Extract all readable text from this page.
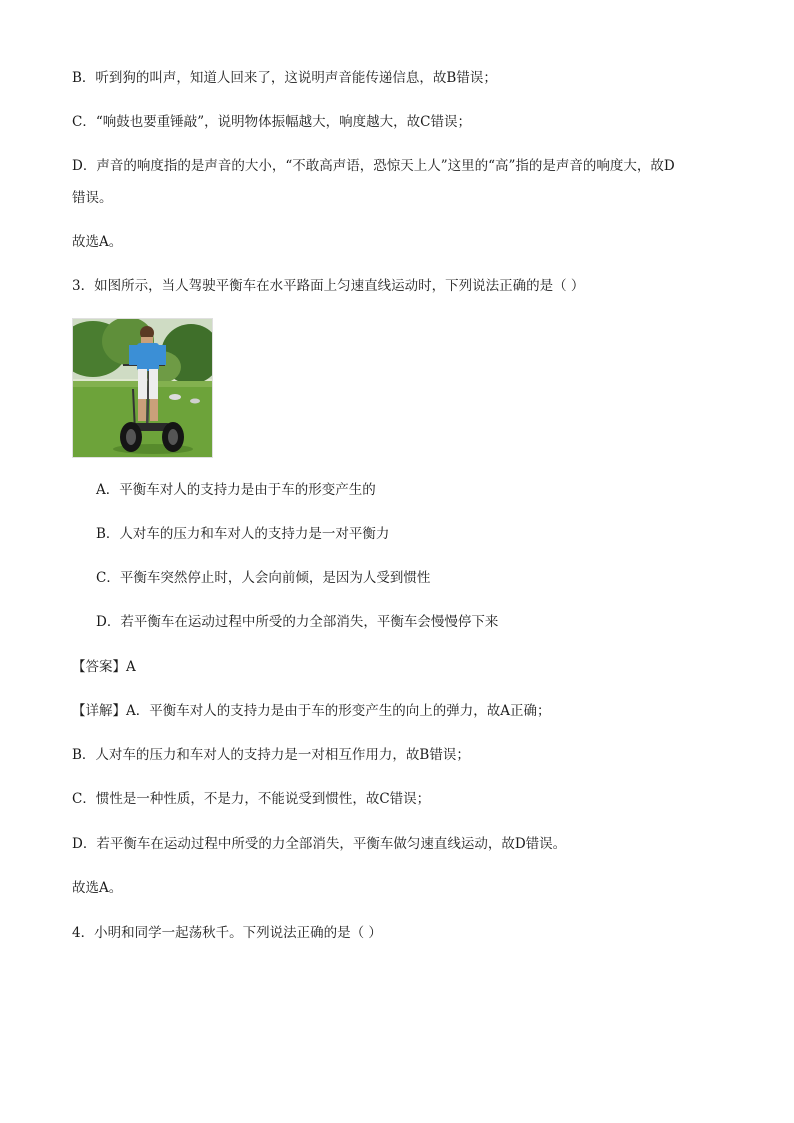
B．听到狗的叫声，知道人回来了，这说明声音能传递信息，故B错误；
C．“响鼓也要重锤敲”，说明物体振幅越大，响度越大，故C错误；
D．声音的响度指的是声音的大小，“不敢高声语，恐惊天上人”这里的“高”指的是声音的响度大，故D
错误。
故选A。
3．如图所示，当人驾驶平衡车在水平路面上匀速直线运动时，下列说法正确的是（ ）
A．平衡车对人的支持力是由于车的形变产生的
B．人对车的压力和车对人的支持力是一对平衡力
C．平衡车突然停止时，人会向前倾，是因为人受到惯性
D．若平衡车在运动过程中所受的力全部消失，平衡车会慢慢停下来
【答案】A
【详解】A．平衡车对人的支持力是由于车的形变产生的向上的弹力，故A正确；
B．人对车的压力和车对人的支持力是一对相互作用力，故B错误；
C．惯性是一种性质，不是力，不能说受到惯性，故C错误；
D．若平衡车在运动过程中所受的力全部消失，平衡车做匀速直线运动，故D错误。
故选A。
4．小明和同学一起荡秋千。下列说法正确的是（ ）
